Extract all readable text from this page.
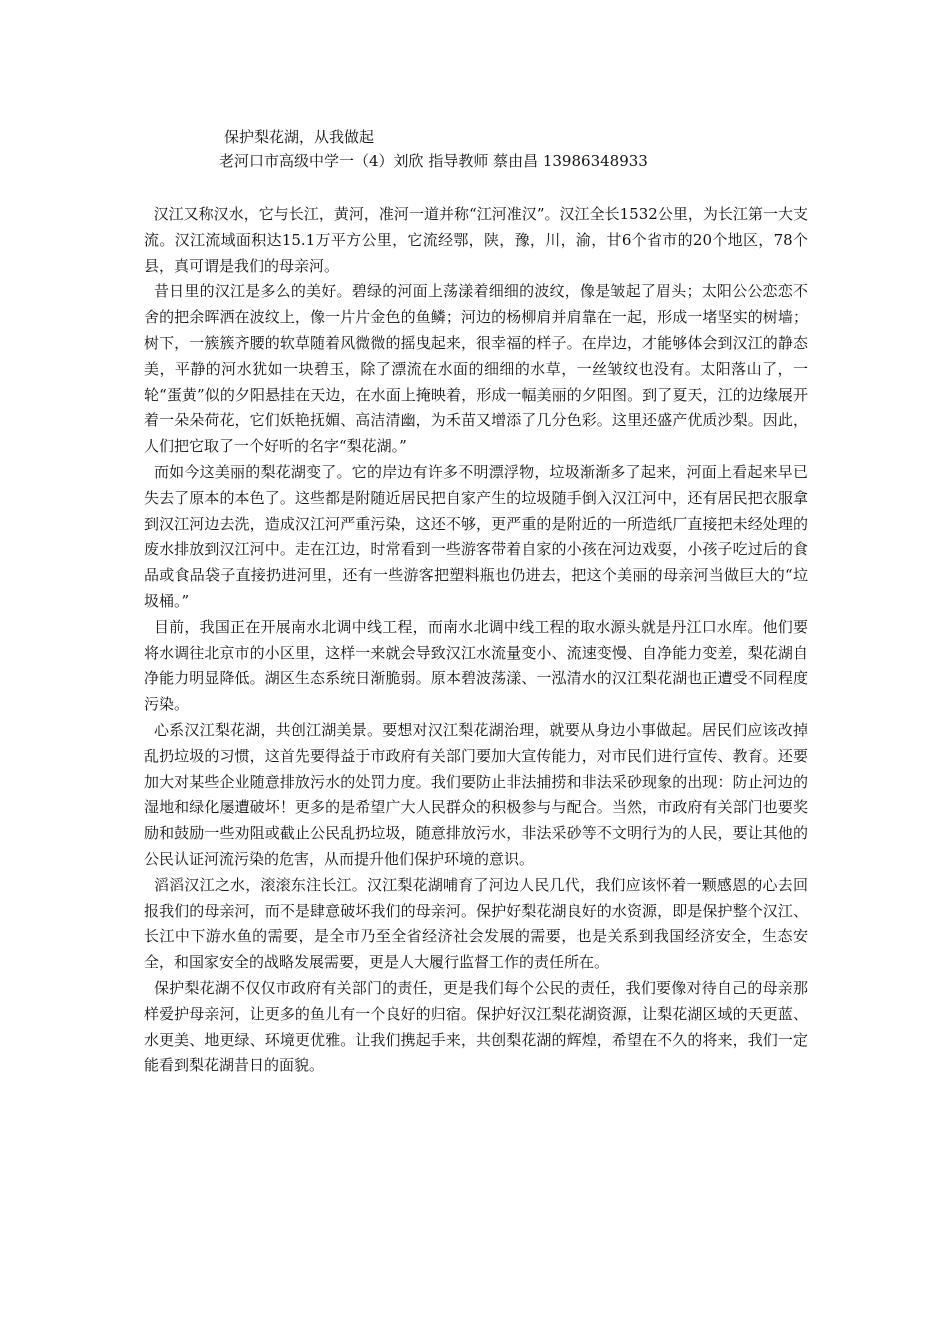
保护梨花湖，从我做起
老河口市高级中学一（4）刘欣 指导教师 蔡由昌 13986348933

汉江又称汉水，它与长江，黄河，准河一道并称“江河准汉”。汉江全长1532公里，为长江第一大支流。汉江流域面积达15.1万平方公里，它流经鄂，陕，豫，川，渝，甘6个省市的20个地区，78个县，真可谓是我们的母亲河。

昔日里的汉江是多么的美好。碧绿的河面上荡漾着细细的波纹，像是皱起了眉头；太阳公公恋恋不舍的把余晖洒在波纹上，像一片片金色的鱼鳞；河边的杨柳肩并肩靠在一起，形成一堵坚实的树墙；树下，一簇簇齐腰的软草随着风微微的摇曳起来，很幸福的样子。在岸边，才能够体会到汉江的静态美，平静的河水犹如一块碧玉，除了漂流在水面的细细的水草，一丝皱纹也没有。太阳落山了，一轮“蛋黄”似的夕阳悬挂在天边，在水面上掩映着，形成一幅美丽的夕阳图。到了夏天，江的边缘展开着一朵朵荷花，它们妖艳抚媚、高洁清幽，为禾苗又增添了几分色彩。这里还盛产优质沙梨。因此，人们把它取了一个好听的名字“梨花湖。”

而如今这美丽的梨花湖变了。它的岸边有许多不明漂浮物，垃圾渐渐多了起来，河面上看起来早已失去了原本的本色了。这些都是附随近居民把自家产生的垃圾随手倒入汉江河中，还有居民把衣服拿到汉江河边去洗，造成汉江河严重污染，这还不够，更严重的是附近的一所造纸厂直接把未经处理的废水排放到汉江河中。走在江边，时常看到一些游客带着自家的小孩在河边戏耍，小孩子吃过后的食品或食品袋子直接扔进河里，还有一些游客把塑料瓶也仍进去，把这个美丽的母亲河当做巨大的“垃圾桶。”

目前，我国正在开展南水北调中线工程，而南水北调中线工程的取水源头就是丹江口水库。他们要将水调往北京市的小区里，这样一来就会导致汉江水流量变小、流速变慢、自净能力变差，梨花湖自净能力明显降低。湖区生态系统日渐脆弱。原本碧波荡漾、一泓清水的汉江梨花湖也正遭受不同程度污染。

心系汉江梨花湖，共创江湖美景。要想对汉江梨花湖治理，就要从身边小事做起。居民们应该改掉乱扔垃圾的习惯，这首先要得益于市政府有关部门要加大宣传能力，对市民们进行宣传、教育。还要加大对某些企业随意排放污水的处罚力度。我们要防止非法捕捞和非法采砂现象的出现：防止河边的湿地和绿化屡遭破坏！更多的是希望广大人民群众的积极参与与配合。当然，市政府有关部门也要奖励和鼓励一些劝阻或截止公民乱扔垃圾，随意排放污水，非法采砂等不文明行为的人民，要让其他的公民认证河流污染的危害，从而提升他们保护环境的意识。

滔滔汉江之水，滚滚东注长江。汉江梨花湖哺育了河边人民几代，我们应该怀着一颗感恩的心去回报我们的母亲河，而不是肆意破坏我们的母亲河。保护好梨花湖良好的水资源，即是保护整个汉江、长江中下游水鱼的需要，是全市乃至全省经济社会发展的需要，也是关系到我国经济安全，生态安全，和国家安全的战略发展需要，更是人大履行监督工作的责任所在。

保护梨花湖不仅仅市政府有关部门的责任，更是我们每个公民的责任，我们要像对待自己的母亲那样爱护母亲河，让更多的鱼儿有一个良好的归宿。保护好汉江梨花湖资源，让梨花湖区域的天更蓝、水更美、地更绿、环境更优雅。让我们携起手来，共创梨花湖的辉煌，希望在不久的将来，我们一定能看到梨花湖昔日的面貌。
